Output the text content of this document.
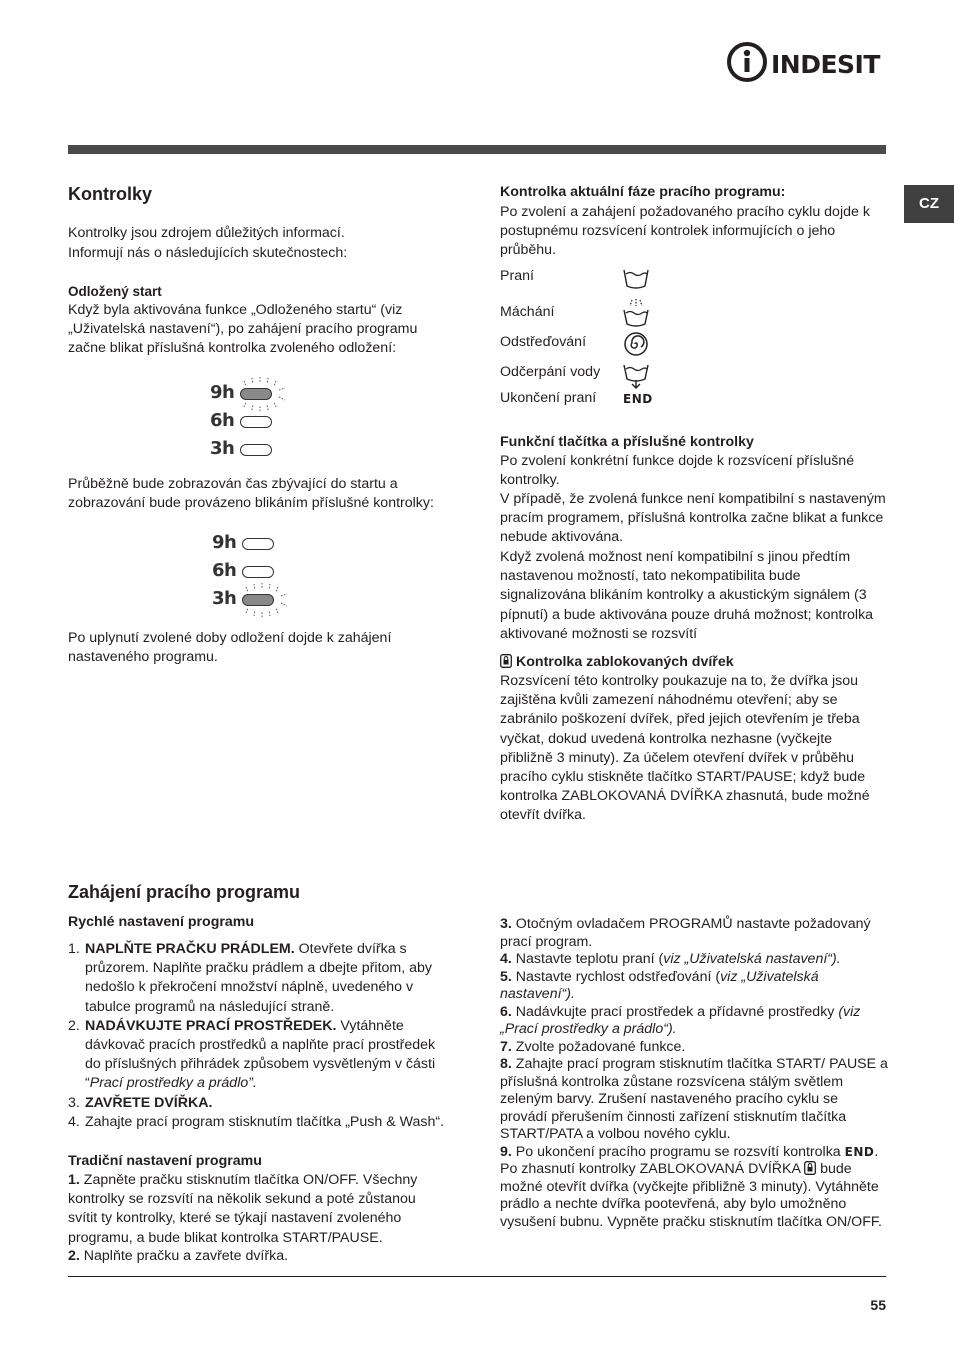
INDESIT
CZ
Kontrolky

Kontrolky jsou zdrojem důležitých informací.

Informují nás o následujících skutečnostech:

Odložený start

Když byla aktivována funkce „Odloženého startu“ (viz „Uživatelská nastavení“), po zahájení pracího programu začne blikat příslušná kontrolka zvoleného odložení:

9h
6h
3h

Průběžně bude zobrazován čas zbývající do startu a zobrazování bude provázeno blikáním příslušné kontrolky:

9h
6h
3h

Po uplynutí zvolené doby odložení dojde k zahájení nastaveného programu.

Kontrolka aktuální fáze pracího programu:

Po zvolení a zahájení požadovaného pracího cyklu dojde k postupnému rozsvícení kontrolek informujících o jeho průběhu.

Praní
Máchání
Odstřeďování
Odčerpání vody
Ukončení praní END
Funkční tlačítka a příslušné kontrolky

Po zvolení konkrétní funkce dojde k rozsvícení příslušné kontrolky.

V případě, že zvolená funkce není kompatibilní s nastaveným pracím programem, příslušná kontrolka začne blikat a funkce nebude aktivována.

Když zvolená možnost není kompatibilní s jinou předtím nastavenou možností, tato nekompatibilita bude signalizována blikáním kontrolky a akustickým signálem (3 pípnutí) a bude aktivována pouze druhá možnost; kontrolka aktivované možnosti se rozsvítí

Kontrolka zablokovaných dvířek

Rozsvícení této kontrolky poukazuje na to, že dvířka jsou zajištěna kvůli zamezení náhodnému otevření; aby se zabránilo poškození dvířek, před jejich otevřením je třeba vyčkat, dokud uvedená kontrolka nezhasne (vyčkejte přibližně 3 minuty). Za účelem otevření dvířek v průběhu pracího cyklu stiskněte tlačítko START/PAUSE; když bude kontrolka ZABLOKOVANÁ DVÍŘKA zhasnutá, bude možné otevřít dvířka.

Zahájení pracího programu
Rychlé nastavení programu
1. NAPLŇTE PRAČKU PRÁDLEM. Otevřete dvířka s průzorem. Naplňte pračku prádlem a dbejte přitom, aby nedošlo k překročení množství náplně, uvedeného v tabulce programů na následující straně.
2. NADÁVKUJTE PRACÍ PROSTŘEDEK. Vytáhněte dávkovač pracích prostředků a naplňte prací prostředek do příslušných přihrádek způsobem vysvětleným v části “Prací prostředky a prádlo”.
3. ZAVŘETE DVÍŘKA.
4. Zahajte prací program stisknutím tlačítka „Push & Wash“.
Tradiční nastavení programu

1. Zapněte pračku stisknutím tlačítka ON/OFF. Všechny kontrolky se rozsvítí na několik sekund a poté zůstanou svítit ty kontrolky, které se týkají nastavení zvoleného programu, a bude blikat kontrolka START/PAUSE.

2. Naplňte pračku a zavřete dvířka.

3. Otočným ovladačem PROGRAMŮ nastavte požadovaný prací program.

4. Nastavte teplotu praní (viz „Uživatelská nastavení“).

5. Nastavte rychlost odstřeďování (viz „Uživatelská nastavení“).

6. Nadávkujte prací prostředek a přídavné prostředky (viz „Prací prostředky a prádlo“).

7. Zvolte požadované funkce.

8. Zahajte prací program stisknutím tlačítka START/ PAUSE a příslušná kontrolka zůstane rozsvícena stálým světlem zeleným barvy. Zrušení nastaveného pracího cyklu se provádí přerušením činnosti zařízení stisknutím tlačítka START/PATA a volbou nového cyklu.

9. Po ukončení pracího programu se rozsvítí kontrolka END. Po zhasnutí kontrolky ZABLOKOVANÁ DVÍŘKA bude možné otevřít dvířka (vyčkejte přibližně 3 minuty). Vytáhněte prádlo a nechte dvířka pootevřená, aby bylo umožněno vysušení bubnu. Vypněte pračku stisknutím tlačítka ON/OFF.

55
